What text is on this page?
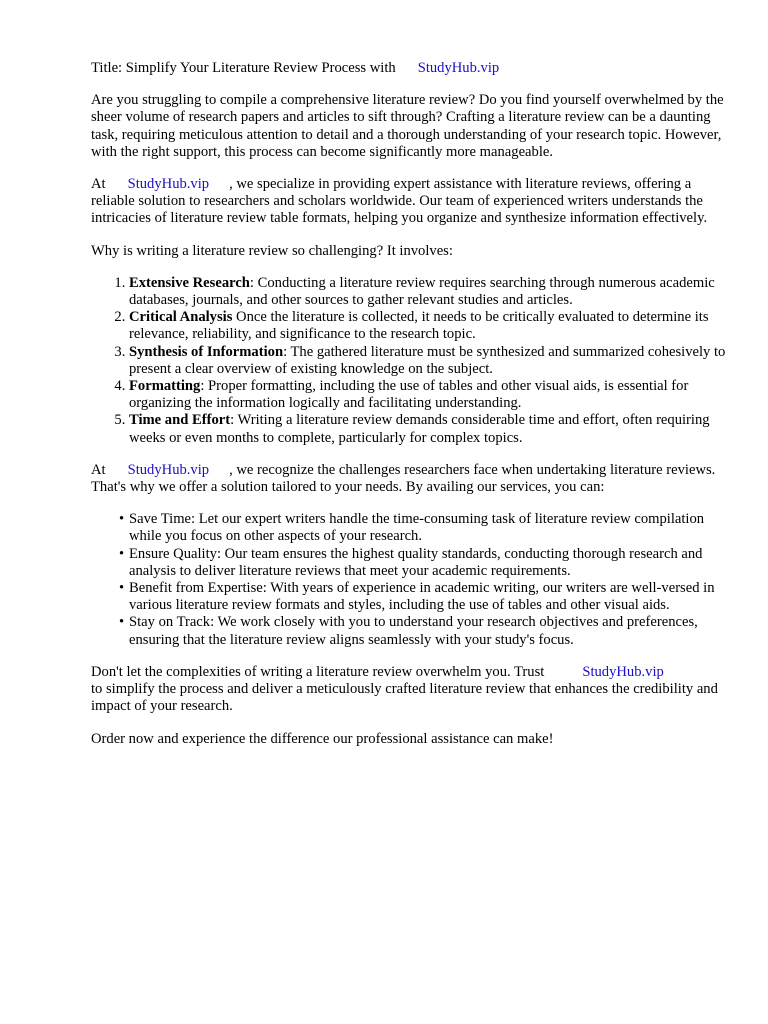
Title: Simplify Your Literature Review Process with StudyHub.vip

Are you struggling to compile a comprehensive literature review? Do you find yourself overwhelmed by the sheer volume of research papers and articles to sift through? Crafting a literature review can be a daunting task, requiring meticulous attention to detail and a thorough understanding of your research topic. However, with the right support, this process can become significantly more manageable.

At StudyHub.vip , we specialize in providing expert assistance with literature reviews, offering a reliable solution to researchers and scholars worldwide. Our team of experienced writers understands the intricacies of literature review table formats, helping you organize and synthesize information effectively.

Why is writing a literature review so challenging? It involves:

1. Extensive Research: Conducting a literature review requires searching through numerous academic databases, journals, and other sources to gather relevant studies and articles.
2. Critical Analysis Once the literature is collected, it needs to be critically evaluated to determine its relevance, reliability, and significance to the research topic.
3. Synthesis of Information: The gathered literature must be synthesized and summarized cohesively to present a clear overview of existing knowledge on the subject.
4. Formatting: Proper formatting, including the use of tables and other visual aids, is essential for organizing the information logically and facilitating understanding.
5. Time and Effort: Writing a literature review demands considerable time and effort, often requiring weeks or even months to complete, particularly for complex topics.

At StudyHub.vip , we recognize the challenges researchers face when undertaking literature reviews. That's why we offer a solution tailored to your needs. By availing our services, you can:

• Save Time: Let our expert writers handle the time-consuming task of literature review compilation while you focus on other aspects of your research.
• Ensure Quality: Our team ensures the highest quality standards, conducting thorough research and analysis to deliver literature reviews that meet your academic requirements.
• Benefit from Expertise: With years of experience in academic writing, our writers are well-versed in various literature review formats and styles, including the use of tables and other visual aids.
• Stay on Track: We work closely with you to understand your research objectives and preferences, ensuring that the literature review aligns seamlessly with your study's focus.

Don't let the complexities of writing a literature review overwhelm you. Trust	StudyHub.vip
to simplify the process and deliver a meticulously crafted literature review that enhances the credibility and impact of your research.

Order now and experience the difference our professional assistance can make!
